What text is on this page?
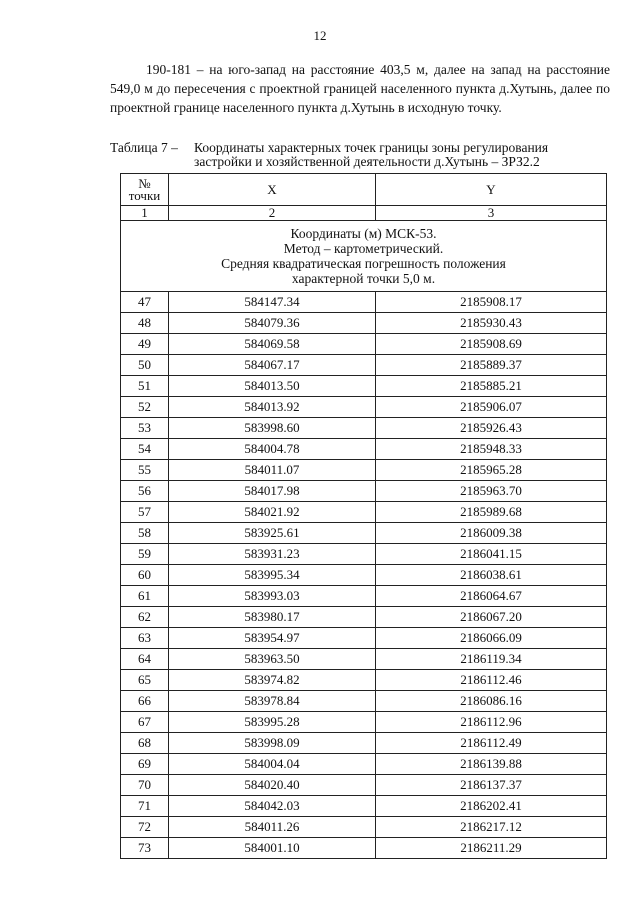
12

190-181 – на юго-запад на расстояние 403,5 м, далее на запад на расстояние 549,0 м до пересечения с проектной границей населенного пункта д.Хутынь, далее по проектной границе населенного пункта д.Хутынь в исходную точку.

Таблица 7 – Координаты характерных точек границы зоны регулирования
застройки и хозяйственной деятельности д.Хутынь – ЗРЗ2.2
№
точки	X	Y
1	2	3

Координаты (м) МСК-53.
Метод – картометрический.
Средняя квадратическая погрешность положения
характерной точки 5,0 м.		

47	584147.34	2185908.17
48	584079.36	2185930.43
49	584069.58	2185908.69
50	584067.17	2185889.37
51	584013.50	2185885.21
52	584013.92	2185906.07
53	583998.60	2185926.43
54	584004.78	2185948.33
55	584011.07	2185965.28
56	584017.98	2185963.70
57	584021.92	2185989.68
58	583925.61	2186009.38
59	583931.23	2186041.15
60	583995.34	2186038.61
61	583993.03	2186064.67
62	583980.17	2186067.20
63	583954.97	2186066.09
64	583963.50	2186119.34
65	583974.82	2186112.46
66	583978.84	2186086.16
67	583995.28	2186112.96
68	583998.09	2186112.49
69	584004.04	2186139.88
70	584020.40	2186137.37
71	584042.03	2186202.41
72	584011.26	2186217.12
73	584001.10	2186211.29
